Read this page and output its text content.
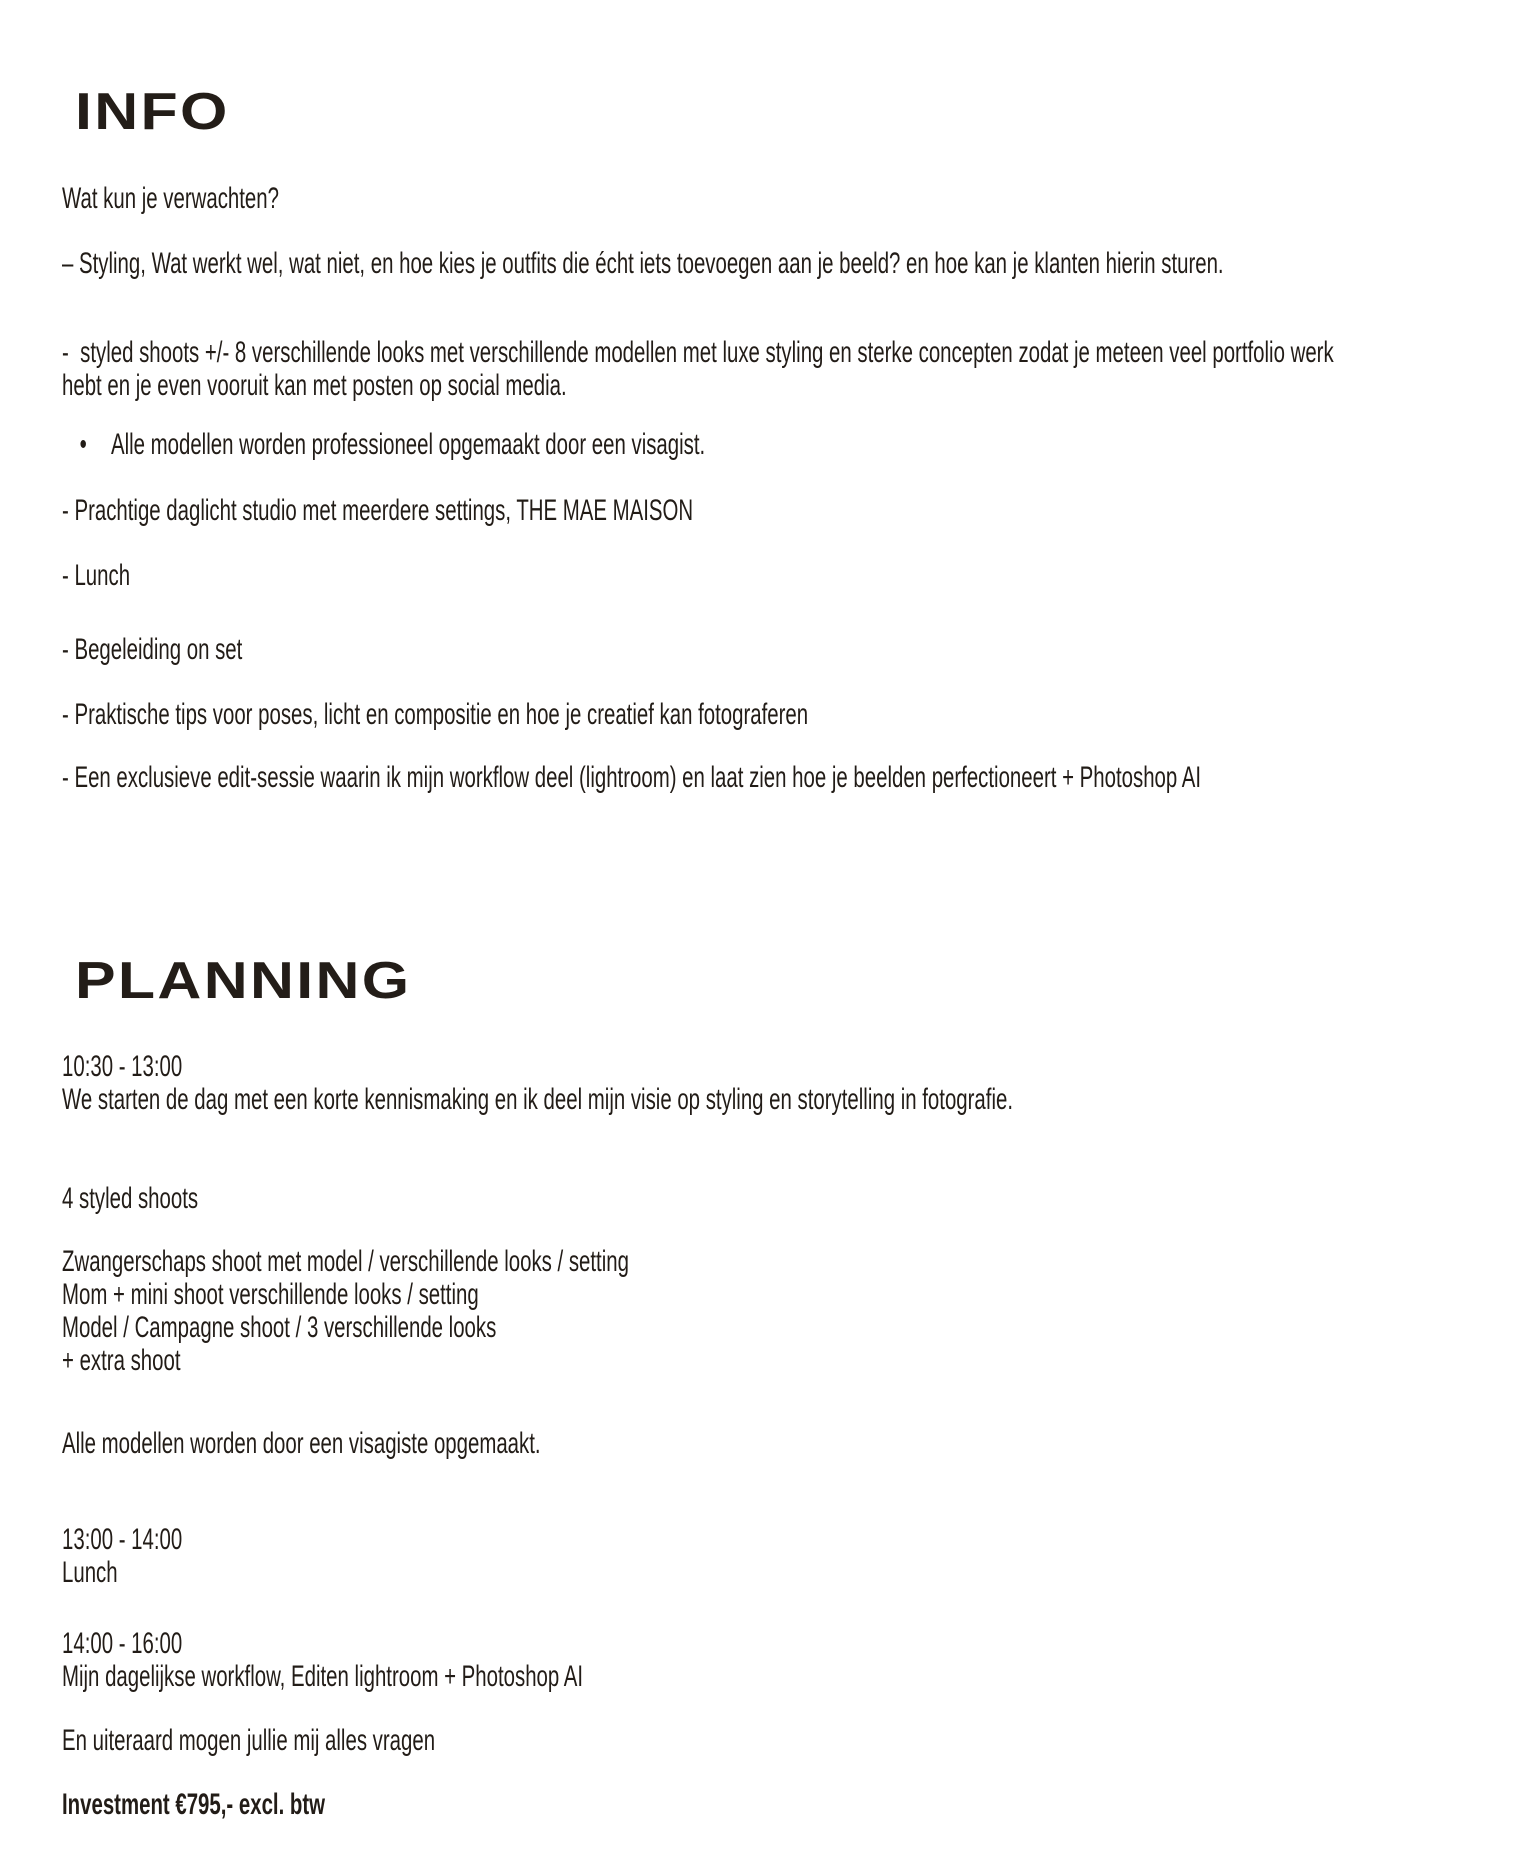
INFO

Wat kun je verwachten?

– Styling, Wat werkt wel, wat niet, en hoe kies je outfits die écht iets toevoegen aan je beeld? en hoe kan je klanten hierin sturen.

-  styled shoots +/- 8 verschillende looks met verschillende modellen met luxe styling en sterke concepten zodat je meteen veel portfolio werk hebt en je even vooruit kan met posten op social media.

• Alle modellen worden professioneel opgemaakt door een visagist.

- Prachtige daglicht studio met meerdere settings, THE MAE MAISON

- Lunch

- Begeleiding on set

- Praktische tips voor poses, licht en compositie en hoe je creatief kan fotograferen

- Een exclusieve edit-sessie waarin ik mijn workflow deel (lightroom) en laat zien hoe je beelden perfectioneert + Photoshop AI

PLANNING

10:30 - 13:00

We starten de dag met een korte kennismaking en ik deel mijn visie op styling en storytelling in fotografie.

4 styled shoots

Zwangerschaps shoot met model / verschillende looks / setting

Mom + mini shoot verschillende looks / setting

Model / Campagne shoot / 3 verschillende looks

+ extra shoot

Alle modellen worden door een visagiste opgemaakt.

13:00 - 14:00

Lunch

14:00 - 16:00

Mijn dagelijkse workflow, Editen lightroom + Photoshop AI

En uiteraard mogen jullie mij alles vragen

Investment €795,- excl. btw
